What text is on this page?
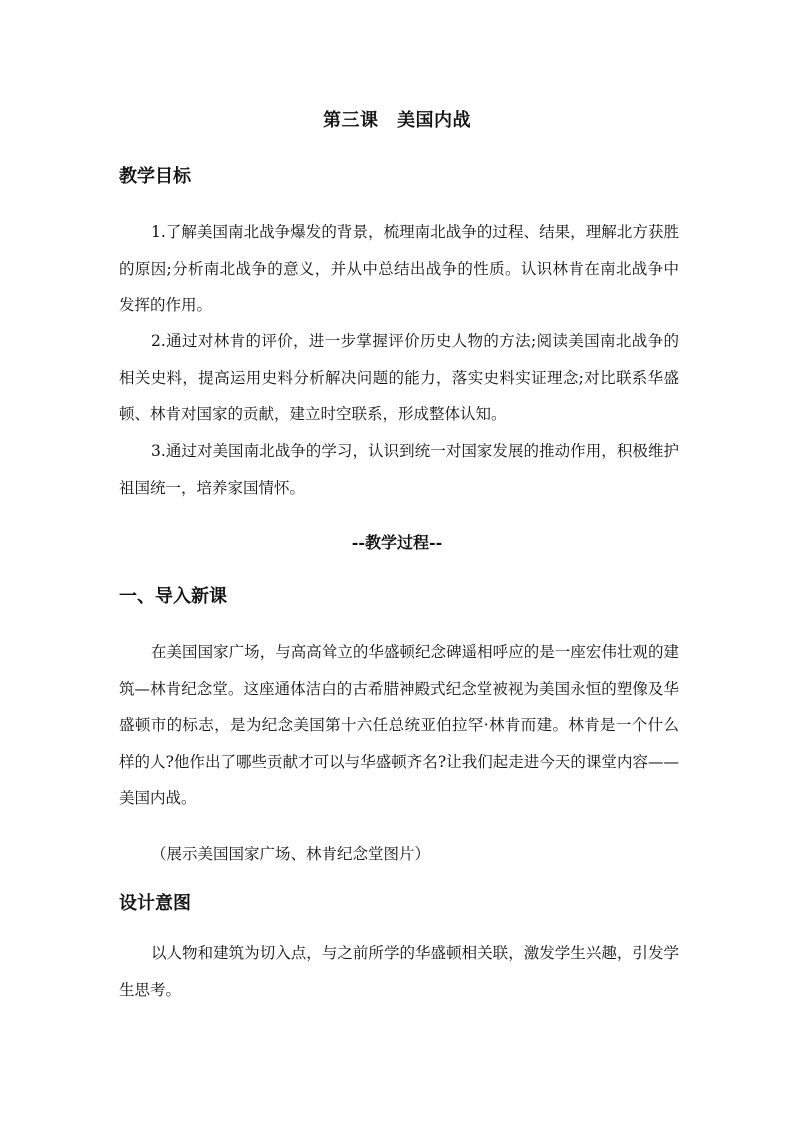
第三课　美国内战
教学目标

1.了解美国南北战争爆发的背景，梳理南北战争的过程、结果，理解北方获胜的原因;分析南北战争的意义，并从中总结出战争的性质。认识林肯在南北战争中发挥的作用。

2.通过对林肯的评价，进一步掌握评价历史人物的方法;阅读美国南北战争的相关史料，提高运用史料分析解决问题的能力，落实史料实证理念;对比联系华盛顿、林肯对国家的贡献，建立时空联系，形成整体认知。

3.通过对美国南北战争的学习，认识到统一对国家发展的推动作用，积极维护祖国统一，培养家国情怀。

--教学过程--
一、导入新课

在美国国家广场，与高高耸立的华盛顿纪念碑遥相呼应的是一座宏伟壮观的建筑—林肯纪念堂。这座通体洁白的古希腊神殿式纪念堂被视为美国永恒的塑像及华盛顿市的标志，是为纪念美国第十六任总统亚伯拉罕·林肯而建。林肯是一个什么样的人?他作出了哪些贡献才可以与华盛顿齐名?让我们起走进今天的课堂内容——美国内战。

（展示美国国家广场、林肯纪念堂图片）
设计意图

以人物和建筑为切入点，与之前所学的华盛顿相关联，激发学生兴趣，引发学生思考。
